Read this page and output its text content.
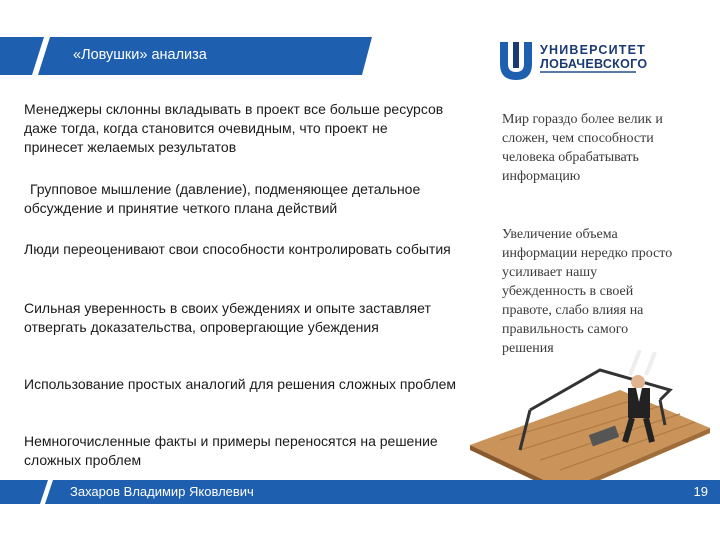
«Ловушки» анализа	УНИВЕРСИТЕТ
ЛОБАЧЕВСКОГО

Менеджеры склонны вкладывать в проект все больше ресурсов даже тогда, когда становится очевидным, что проект не принесет желаемых результатов

Групповое мышление (давление), подменяющее детальное обсуждение и принятие четкого плана действий

Люди переоценивают свои способности контролировать события

Сильная уверенность в своих убеждениях и опыте заставляет отвергать доказательства, опровергающие убеждения

Использование простых аналогий для решения сложных проблем

Немногочисленные факты и примеры переносятся на решение сложных проблем

Мир гораздо более велик и сложен, чем способности человека обрабатывать информацию
Увеличение объема информации нередко просто усиливает нашу убежденность в своей правоте, слабо влияя на правильность самого решения
Захаров Владимир Яковлевич	19
